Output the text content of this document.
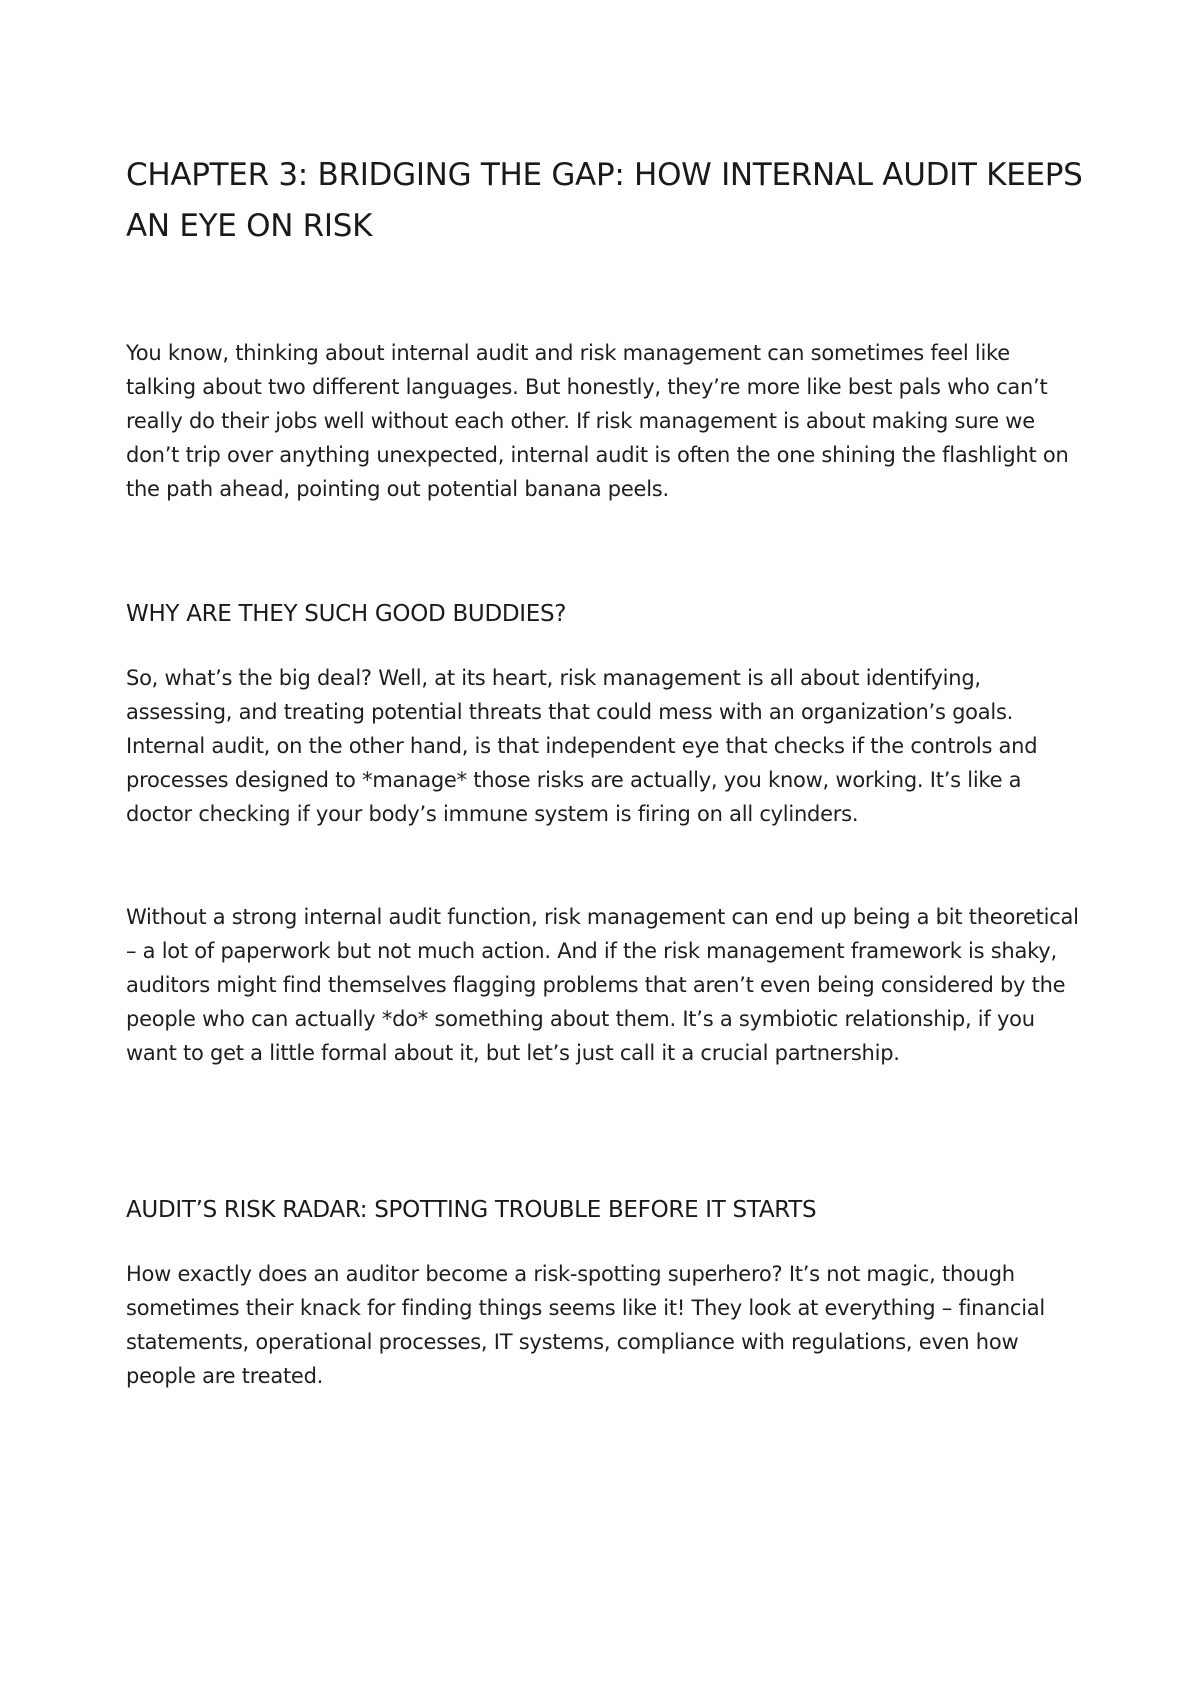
CHAPTER 3: BRIDGING THE GAP: HOW INTERNAL AUDIT KEEPS AN EYE ON RISK

You know, thinking about internal audit and risk management can sometimes feel like talking about two different languages. But honestly, they’re more like best pals who can’t really do their jobs well without each other. If risk management is about making sure we don’t trip over anything unexpected, internal audit is often the one shining the flashlight on the path ahead, pointing out potential banana peels.

WHY ARE THEY SUCH GOOD BUDDIES?

So, what’s the big deal? Well, at its heart, risk management is all about identifying, assessing, and treating potential threats that could mess with an organization’s goals. Internal audit, on the other hand, is that independent eye that checks if the controls and processes designed to *manage* those risks are actually, you know, working. It’s like a doctor checking if your body’s immune system is firing on all cylinders.

Without a strong internal audit function, risk management can end up being a bit theoretical – a lot of paperwork but not much action. And if the risk management framework is shaky, auditors might find themselves flagging problems that aren’t even being considered by the people who can actually *do* something about them. It’s a symbiotic relationship, if you want to get a little formal about it, but let’s just call it a crucial partnership.

AUDIT’S RISK RADAR: SPOTTING TROUBLE BEFORE IT STARTS

How exactly does an auditor become a risk-spotting superhero? It’s not magic, though sometimes their knack for finding things seems like it! They look at everything – financial statements, operational processes, IT systems, compliance with regulations, even how people are treated.
